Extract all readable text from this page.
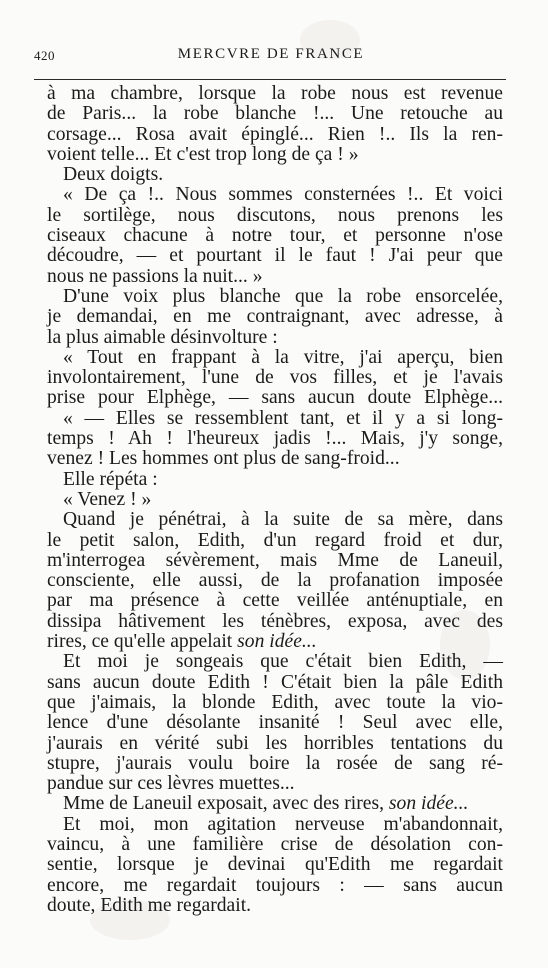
420	MERCVRE DE FRANCE
à ma chambre, lorsque la robe nous est revenue
de Paris... la robe blanche !... Une retouche au
corsage... Rosa avait épinglé... Rien !.. Ils la ren-
voient telle... Et c'est trop long de ça ! »
Deux doigts.
« De ça !.. Nous sommes consternées !.. Et voici
le sortilège, nous discutons, nous prenons les
ciseaux chacune à notre tour, et personne n'ose
découdre, — et pourtant il le faut ! J'ai peur que
nous ne passions la nuit... »
D'une voix plus blanche que la robe ensorcelée,
je demandai, en me contraignant, avec adresse, à
la plus aimable désinvolture :
« Tout en frappant à la vitre, j'ai aperçu, bien
involontairement, l'une de vos filles, et je l'avais
prise pour Elphège, — sans aucun doute Elphège...
« — Elles se ressemblent tant, et il y a si long-
temps ! Ah ! l'heureux jadis !... Mais, j'y songe,
venez ! Les hommes ont plus de sang-froid...
Elle répéta :
« Venez ! »
Quand je pénétrai, à la suite de sa mère, dans
le petit salon, Edith, d'un regard froid et dur,
m'interrogea sévèrement, mais Mme de Laneuil,
consciente, elle aussi, de la profanation imposée
par ma présence à cette veillée anténuptiale, en
dissipa hâtivement les ténèbres, exposa, avec des
rires, ce qu'elle appelait son idée...
Et moi je songeais que c'était bien Edith, —
sans aucun doute Edith ! C'était bien la pâle Edith
que j'aimais, la blonde Edith, avec toute la vio-
lence d'une désolante insanité ! Seul avec elle,
j'aurais en vérité subi les horribles tentations du
stupre, j'aurais voulu boire la rosée de sang ré-
pandue sur ces lèvres muettes...
Mme de Laneuil exposait, avec des rires, son idée...
Et moi, mon agitation nerveuse m'abandonnait,
vaincu, à une familière crise de désolation con-
sentie, lorsque je devinai qu'Edith me regardait
encore, me regardait toujours : — sans aucun
doute, Edith me regardait.
